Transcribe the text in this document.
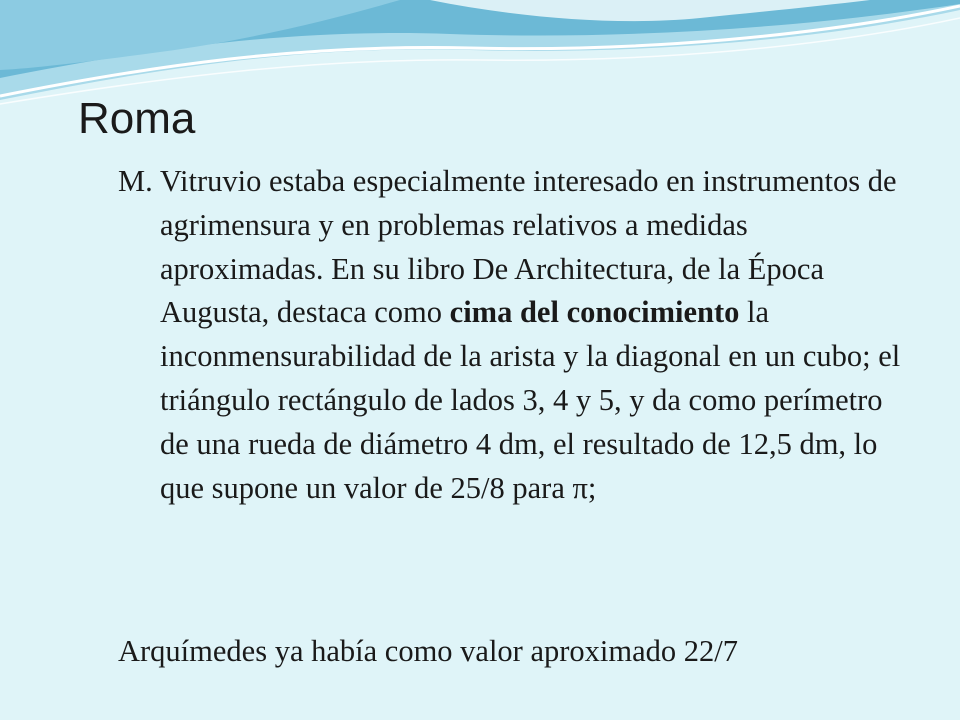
Roma

M. Vitruvio estaba especialmente interesado en instrumentos de agrimensura y en problemas relativos a medidas aproximadas. En su libro De Architectura, de la Época Augusta, destaca como cima del conocimiento la inconmensurabilidad de la arista y la diagonal en un cubo; el triángulo rectángulo de lados 3, 4 y 5, y da como perímetro de una rueda de diámetro 4 dm, el resultado de 12,5 dm, lo que supone un valor de 25/8 para π;

Arquímedes ya había como valor aproximado 22/7
